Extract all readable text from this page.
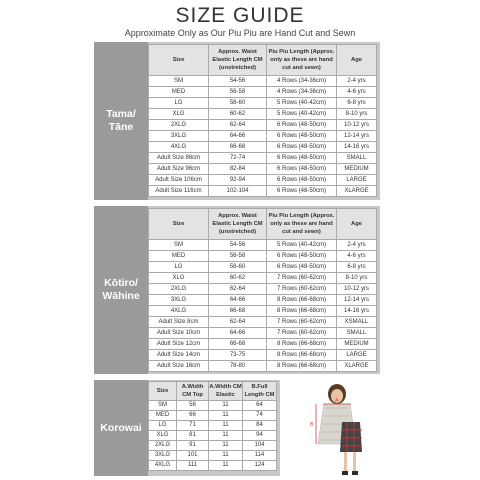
SIZE GUIDE
Approximate Only as Our Piu Piu are Hand Cut and Sewn
Tama/ Tāne
Size	Approx. Waist Elastic Length CM (unstretched)	Piu Piu Length (Approx. only as these are hand cut and sewn)	Age
SM	54-56	4 Rows (34-36cm)	2-4 yrs
MED	56-58	4 Rows (34-36cm)	4-6 yrs
LG	58-60	5 Rows (40-42cm)	6-8 yrs
XLG	60-62	5 Rows (40-42cm)	8-10 yrs
2XLG	62-64	6 Rows (48-50cm)	10-12 yrs
3XLG	64-66	6 Rows (48-50cm)	12-14 yrs
4XLG	66-68	6 Rows (48-50cm)	14-16 yrs
Adult Size 86cm	72-74	6 Rows (48-50cm)	SMALL
Adult Size 96cm	82-84	6 Rows (48-50cm)	MEDIUM
Adult Size 106cm	92-94	6 Rows (48-50cm)	LARGE
Adult Size 116cm	102-104	6 Rows (48-50cm)	XLARGE
Kōtiro/ Wāhine
Size	Approx. Waist Elastic Length CM (unstretched)	Piu Piu Length (Approx. only as these are hand cut and sewn)	Age
SM	54-56	5 Rows (40-42cm)	2-4 yrs
MED	56-58	6 Rows (48-50cm)	4-6 yrs
LG	58-60	6 Rows (48-50cm)	6-8 yrs
XLG	60-62	7 Rows (60-62cm)	8-10 yrs
2XLG	62-64	7 Rows (60-62cm)	10-12 yrs
3XLG	64-66	8 Rows (66-68cm)	12-14 yrs
4XLG	66-68	8 Rows (66-68cm)	14-16 yrs
Adult Size 8cm	62-64	7 Rows (60-62cm)	XSMALL
Adult Size 10cm	64-66	7 Rows (60-62cm)	SMALL
Adult Size 12cm	66-68	8 Rows (66-68cm)	MEDIUM
Adult Size 14cm	73-75	8 Rows (66-68cm)	LARGE
Adult Size 16cm	78-80	8 Rows (66-68cm)	XLARGE
Korowai
Size	A.Width CM Top	A.Width CM Elastic	B.Full Length CM
SM	56	11	64
MED	66	11	74
LG	71	11	84
XLG	81	11	94
2XLG	91	11	104
3XLG	101	11	114
4XLG	111	11	124
A
B
